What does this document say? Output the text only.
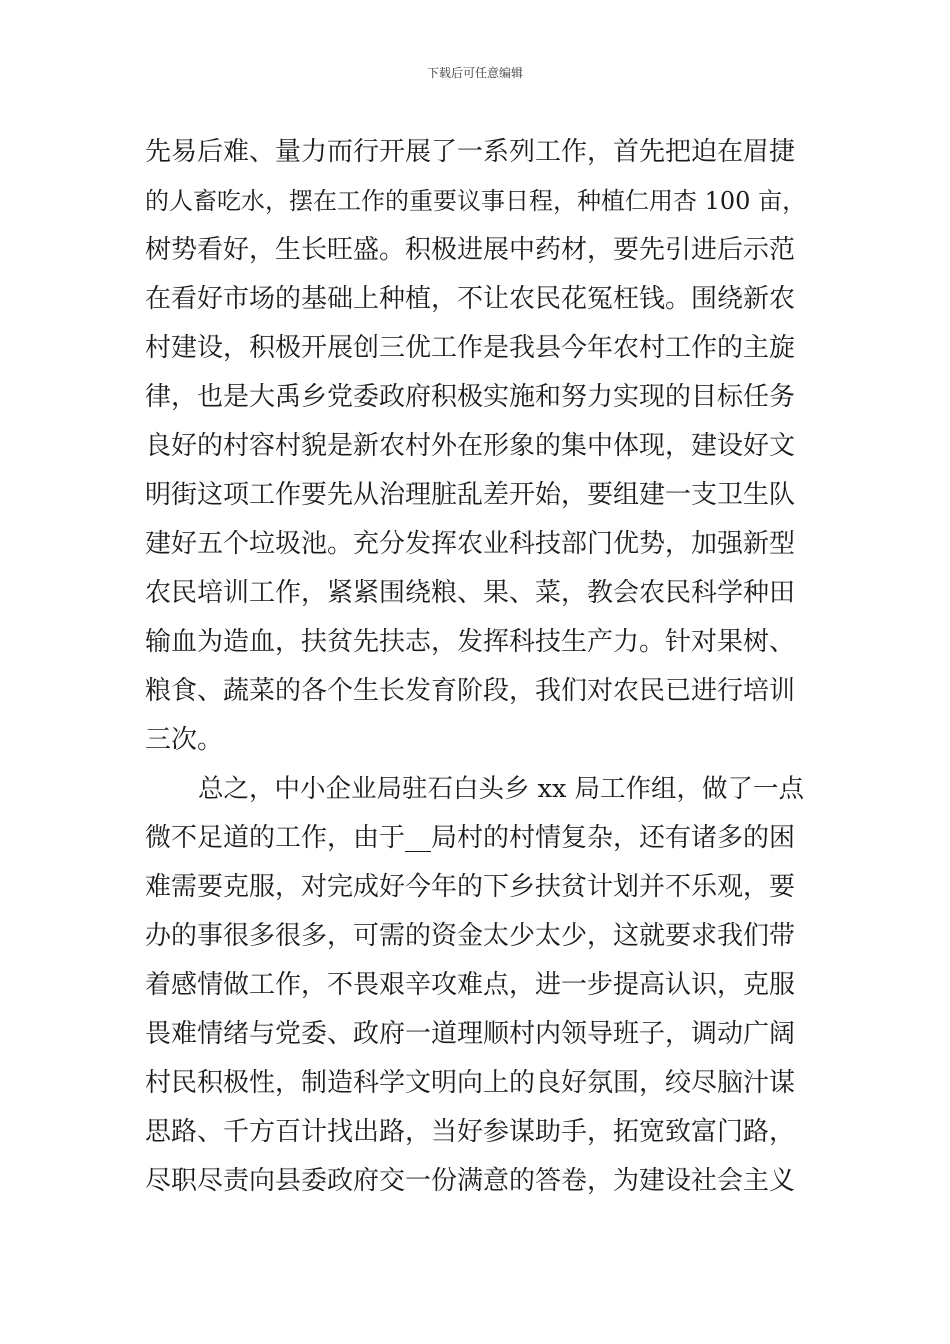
下载后可任意编辑
先易后难、量力而行开展了一系列工作，首先把迫在眉捷
的人畜吃水，摆在工作的重要议事日程，种植仁用杏 100 亩，
树势看好，生长旺盛。积极进展中药材，要先引进后示范
在看好市场的基础上种植，不让农民花冤枉钱。围绕新农
村建设，积极开展创三优工作是我县今年农村工作的主旋
律，也是大禹乡党委政府积极实施和努力实现的目标任务
良好的村容村貌是新农村外在形象的集中体现，建设好文
明街这项工作要先从治理脏乱差开始，要组建一支卫生队
建好五个垃圾池。充分发挥农业科技部门优势，加强新型
农民培训工作，紧紧围绕粮、果、菜，教会农民科学种田
输血为造血，扶贫先扶志，发挥科技生产力。针对果树、
粮食、蔬菜的各个生长发育阶段，我们对农民已进行培训
三次。
总之，中小企业局驻石白头乡 xx 局工作组，做了一点
微不足道的工作，由于__局村的村情复杂，还有诸多的困
难需要克服，对完成好今年的下乡扶贫计划并不乐观，要
办的事很多很多，可需的资金太少太少，这就要求我们带
着感情做工作，不畏艰辛攻难点，进一步提高认识，克服
畏难情绪与党委、政府一道理顺村内领导班子，调动广阔
村民积极性，制造科学文明向上的良好氛围，绞尽脑汁谋
思路、千方百计找出路，当好参谋助手，拓宽致富门路，
尽职尽责向县委政府交一份满意的答卷，为建设社会主义
